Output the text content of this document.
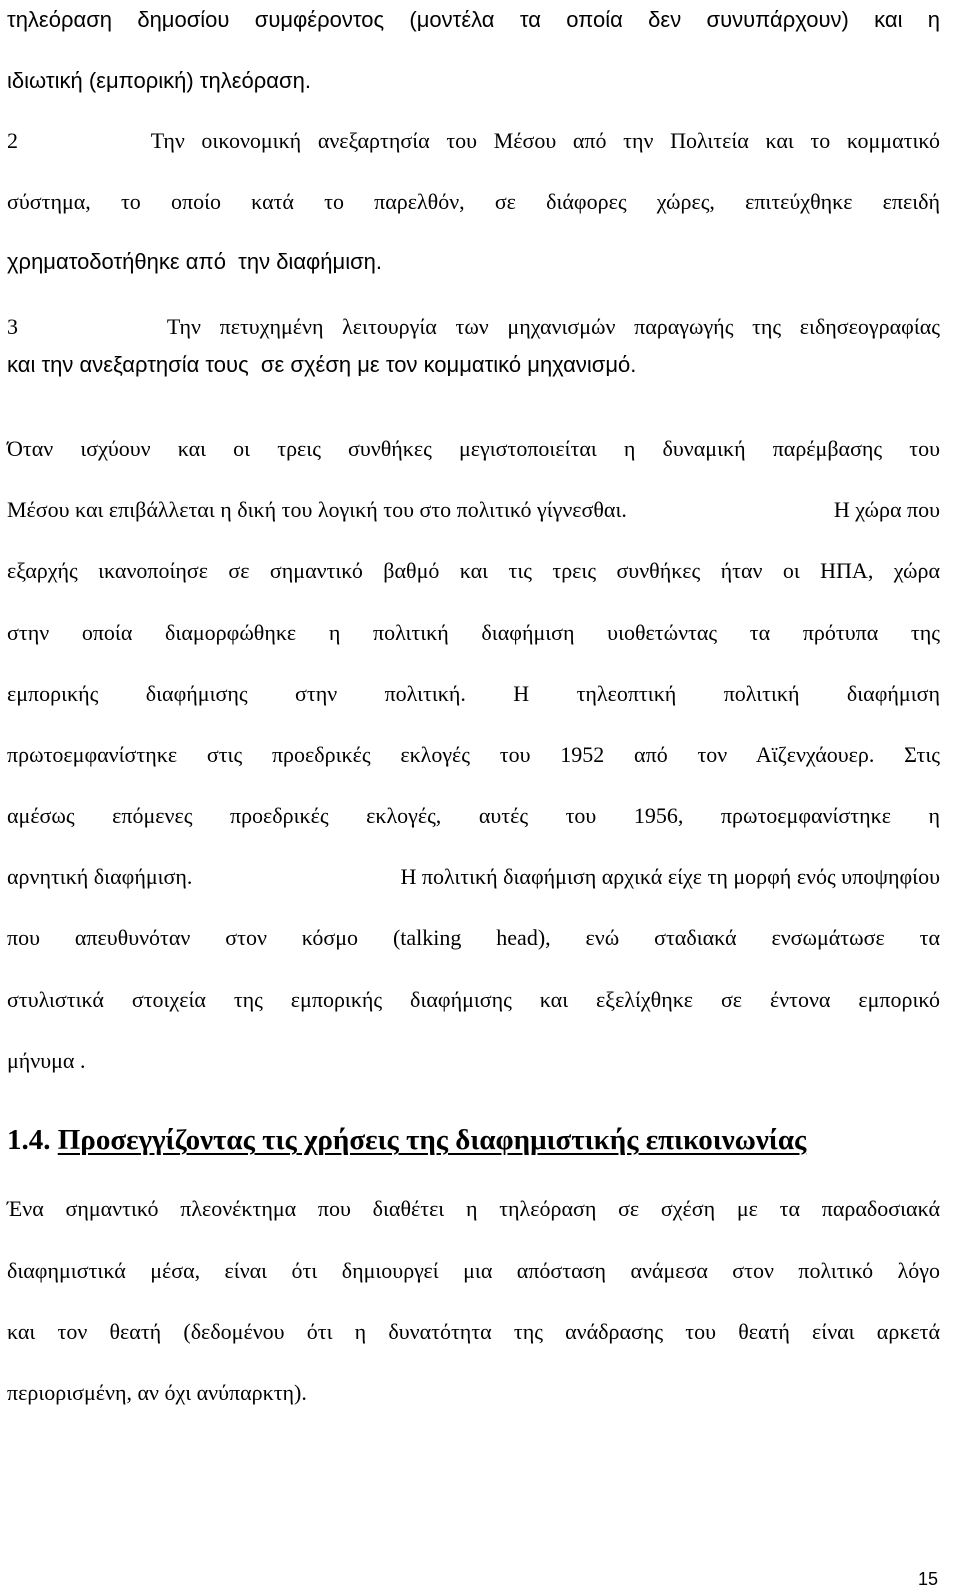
τηλεόραση δημοσίου συμφέροντος (μοντέλα τα οποία δεν συνυπάρχουν) και η
ιδιωτική (εμπορική) τηλεόραση.
2        Την οικονομική ανεξαρτησία του Μέσου από την Πολιτεία και το κομματικό
σύστημα, το οποίο κατά το παρελθόν, σε διάφορες χώρες, επιτεύχθηκε επειδή
χρηματοδοτήθηκε από  την διαφήμιση.
3        Την πετυχημένη λειτουργία των μηχανισμών παραγωγής της ειδησεογραφίας
και την ανεξαρτησία τους  σε σχέση με τον κομματικό μηχανισμό.
Όταν ισχύουν και οι τρεις συνθήκες μεγιστοποιείται η δυναμική παρέμβασης του
Μέσου και επιβάλλεται η δική του λογική του στο πολιτικό γίγνεσθαι.	Η χώρα που
εξαρχής ικανοποίησε σε σημαντικό βαθμό και τις τρεις συνθήκες ήταν οι ΗΠΑ, χώρα
στην οποία διαμορφώθηκε η πολιτική διαφήμιση υιοθετώντας τα πρότυπα της
εμπορικής διαφήμισης στην πολιτική. Η τηλεοπτική πολιτική διαφήμιση
πρωτοεμφανίστηκε στις προεδρικές εκλογές του 1952 από τον Αϊζενχάουερ. Στις
αμέσως επόμενες προεδρικές εκλογές, αυτές του 1956, πρωτοεμφανίστηκε η
αρνητική διαφήμιση.	Η πολιτική διαφήμιση αρχικά είχε τη μορφή ενός υποψηφίου
που απευθυνόταν στον κόσμο (talking head), ενώ σταδιακά ενσωμάτωσε τα
στυλιστικά στοιχεία της εμπορικής διαφήμισης και εξελίχθηκε σε έντονα εμπορικό
μήνυμα .
1.4. Προσεγγίζοντας τις χρήσεις της διαφημιστικής επικοινωνίας
Ένα σημαντικό πλεονέκτημα που διαθέτει η τηλεόραση σε σχέση με τα παραδοσιακά
διαφημιστικά μέσα, είναι ότι δημιουργεί μια απόσταση ανάμεσα στον πολιτικό λόγο
και τον θεατή (δεδομένου ότι η δυνατότητα της ανάδρασης του θεατή είναι αρκετά
περιορισμένη, αν όχι ανύπαρκτη).
15
